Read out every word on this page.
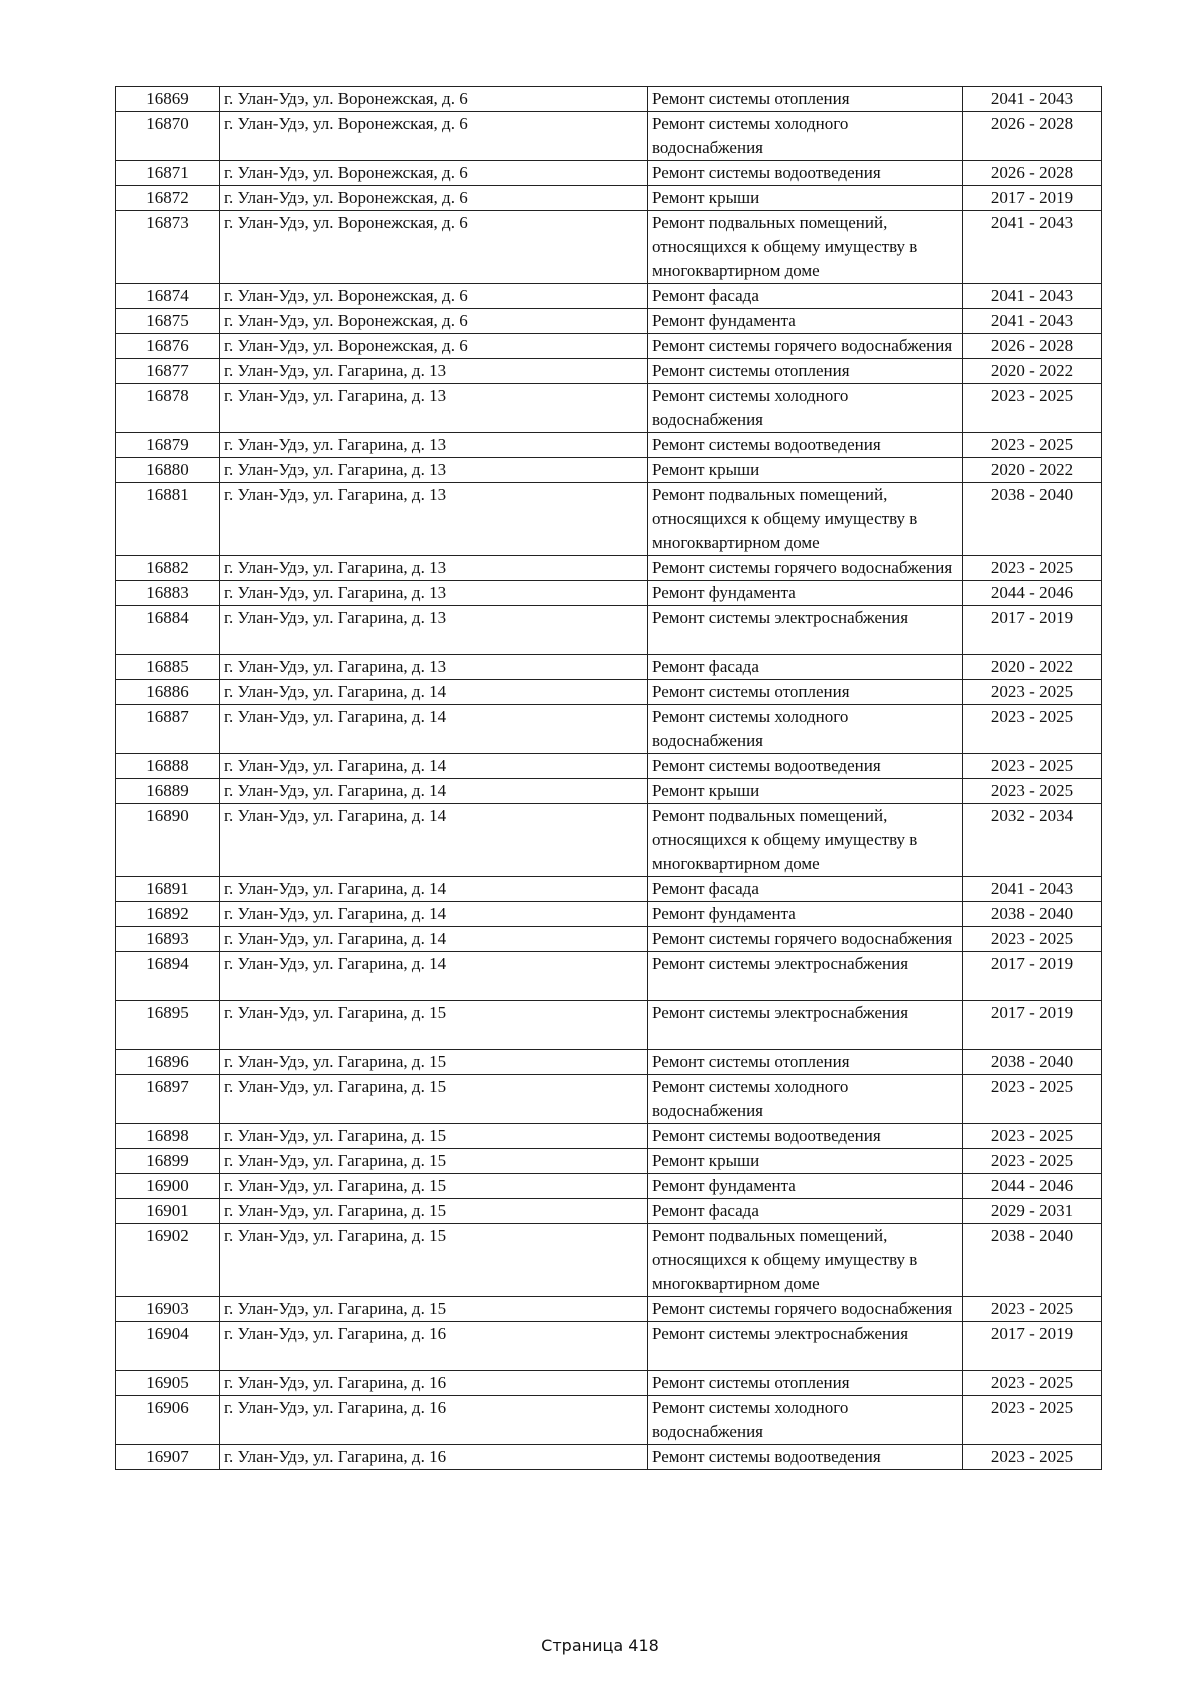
16869	г. Улан-Удэ, ул. Воронежская, д. 6	Ремонт системы отопления	2041 - 2043
16870	г. Улан-Удэ, ул. Воронежская, д. 6	Ремонт системы холодного водоснабжения	2026 - 2028
16871	г. Улан-Удэ, ул. Воронежская, д. 6	Ремонт системы водоотведения	2026 - 2028
16872	г. Улан-Удэ, ул. Воронежская, д. 6	Ремонт крыши	2017 - 2019
16873	г. Улан-Удэ, ул. Воронежская, д. 6	Ремонт подвальных помещений, относящихся к общему имуществу в многоквартирном доме	2041 - 2043
16874	г. Улан-Удэ, ул. Воронежская, д. 6	Ремонт фасада	2041 - 2043
16875	г. Улан-Удэ, ул. Воронежская, д. 6	Ремонт фундамента	2041 - 2043
16876	г. Улан-Удэ, ул. Воронежская, д. 6	Ремонт системы горячего водоснабжения	2026 - 2028
16877	г. Улан-Удэ, ул. Гагарина, д. 13	Ремонт системы отопления	2020 - 2022
16878	г. Улан-Удэ, ул. Гагарина, д. 13	Ремонт системы холодного водоснабжения	2023 - 2025
16879	г. Улан-Удэ, ул. Гагарина, д. 13	Ремонт системы водоотведения	2023 - 2025
16880	г. Улан-Удэ, ул. Гагарина, д. 13	Ремонт крыши	2020 - 2022
16881	г. Улан-Удэ, ул. Гагарина, д. 13	Ремонт подвальных помещений, относящихся к общему имуществу в многоквартирном доме	2038 - 2040
16882	г. Улан-Удэ, ул. Гагарина, д. 13	Ремонт системы горячего водоснабжения	2023 - 2025
16883	г. Улан-Удэ, ул. Гагарина, д. 13	Ремонт фундамента	2044 - 2046
16884	г. Улан-Удэ, ул. Гагарина, д. 13	Ремонт системы электроснабжения	2017 - 2019
16885	г. Улан-Удэ, ул. Гагарина, д. 13	Ремонт фасада	2020 - 2022
16886	г. Улан-Удэ, ул. Гагарина, д. 14	Ремонт системы отопления	2023 - 2025
16887	г. Улан-Удэ, ул. Гагарина, д. 14	Ремонт системы холодного водоснабжения	2023 - 2025
16888	г. Улан-Удэ, ул. Гагарина, д. 14	Ремонт системы водоотведения	2023 - 2025
16889	г. Улан-Удэ, ул. Гагарина, д. 14	Ремонт крыши	2023 - 2025
16890	г. Улан-Удэ, ул. Гагарина, д. 14	Ремонт подвальных помещений, относящихся к общему имуществу в многоквартирном доме	2032 - 2034
16891	г. Улан-Удэ, ул. Гагарина, д. 14	Ремонт фасада	2041 - 2043
16892	г. Улан-Удэ, ул. Гагарина, д. 14	Ремонт фундамента	2038 - 2040
16893	г. Улан-Удэ, ул. Гагарина, д. 14	Ремонт системы горячего водоснабжения	2023 - 2025
16894	г. Улан-Удэ, ул. Гагарина, д. 14	Ремонт системы электроснабжения	2017 - 2019
16895	г. Улан-Удэ, ул. Гагарина, д. 15	Ремонт системы электроснабжения	2017 - 2019
16896	г. Улан-Удэ, ул. Гагарина, д. 15	Ремонт системы отопления	2038 - 2040
16897	г. Улан-Удэ, ул. Гагарина, д. 15	Ремонт системы холодного водоснабжения	2023 - 2025
16898	г. Улан-Удэ, ул. Гагарина, д. 15	Ремонт системы водоотведения	2023 - 2025
16899	г. Улан-Удэ, ул. Гагарина, д. 15	Ремонт крыши	2023 - 2025
16900	г. Улан-Удэ, ул. Гагарина, д. 15	Ремонт фундамента	2044 - 2046
16901	г. Улан-Удэ, ул. Гагарина, д. 15	Ремонт фасада	2029 - 2031
16902	г. Улан-Удэ, ул. Гагарина, д. 15	Ремонт подвальных помещений, относящихся к общему имуществу в многоквартирном доме	2038 - 2040
16903	г. Улан-Удэ, ул. Гагарина, д. 15	Ремонт системы горячего водоснабжения	2023 - 2025
16904	г. Улан-Удэ, ул. Гагарина, д. 16	Ремонт системы электроснабжения	2017 - 2019
16905	г. Улан-Удэ, ул. Гагарина, д. 16	Ремонт системы отопления	2023 - 2025
16906	г. Улан-Удэ, ул. Гагарина, д. 16	Ремонт системы холодного водоснабжения	2023 - 2025
16907	г. Улан-Удэ, ул. Гагарина, д. 16	Ремонт системы водоотведения	2023 - 2025
Страница 418
